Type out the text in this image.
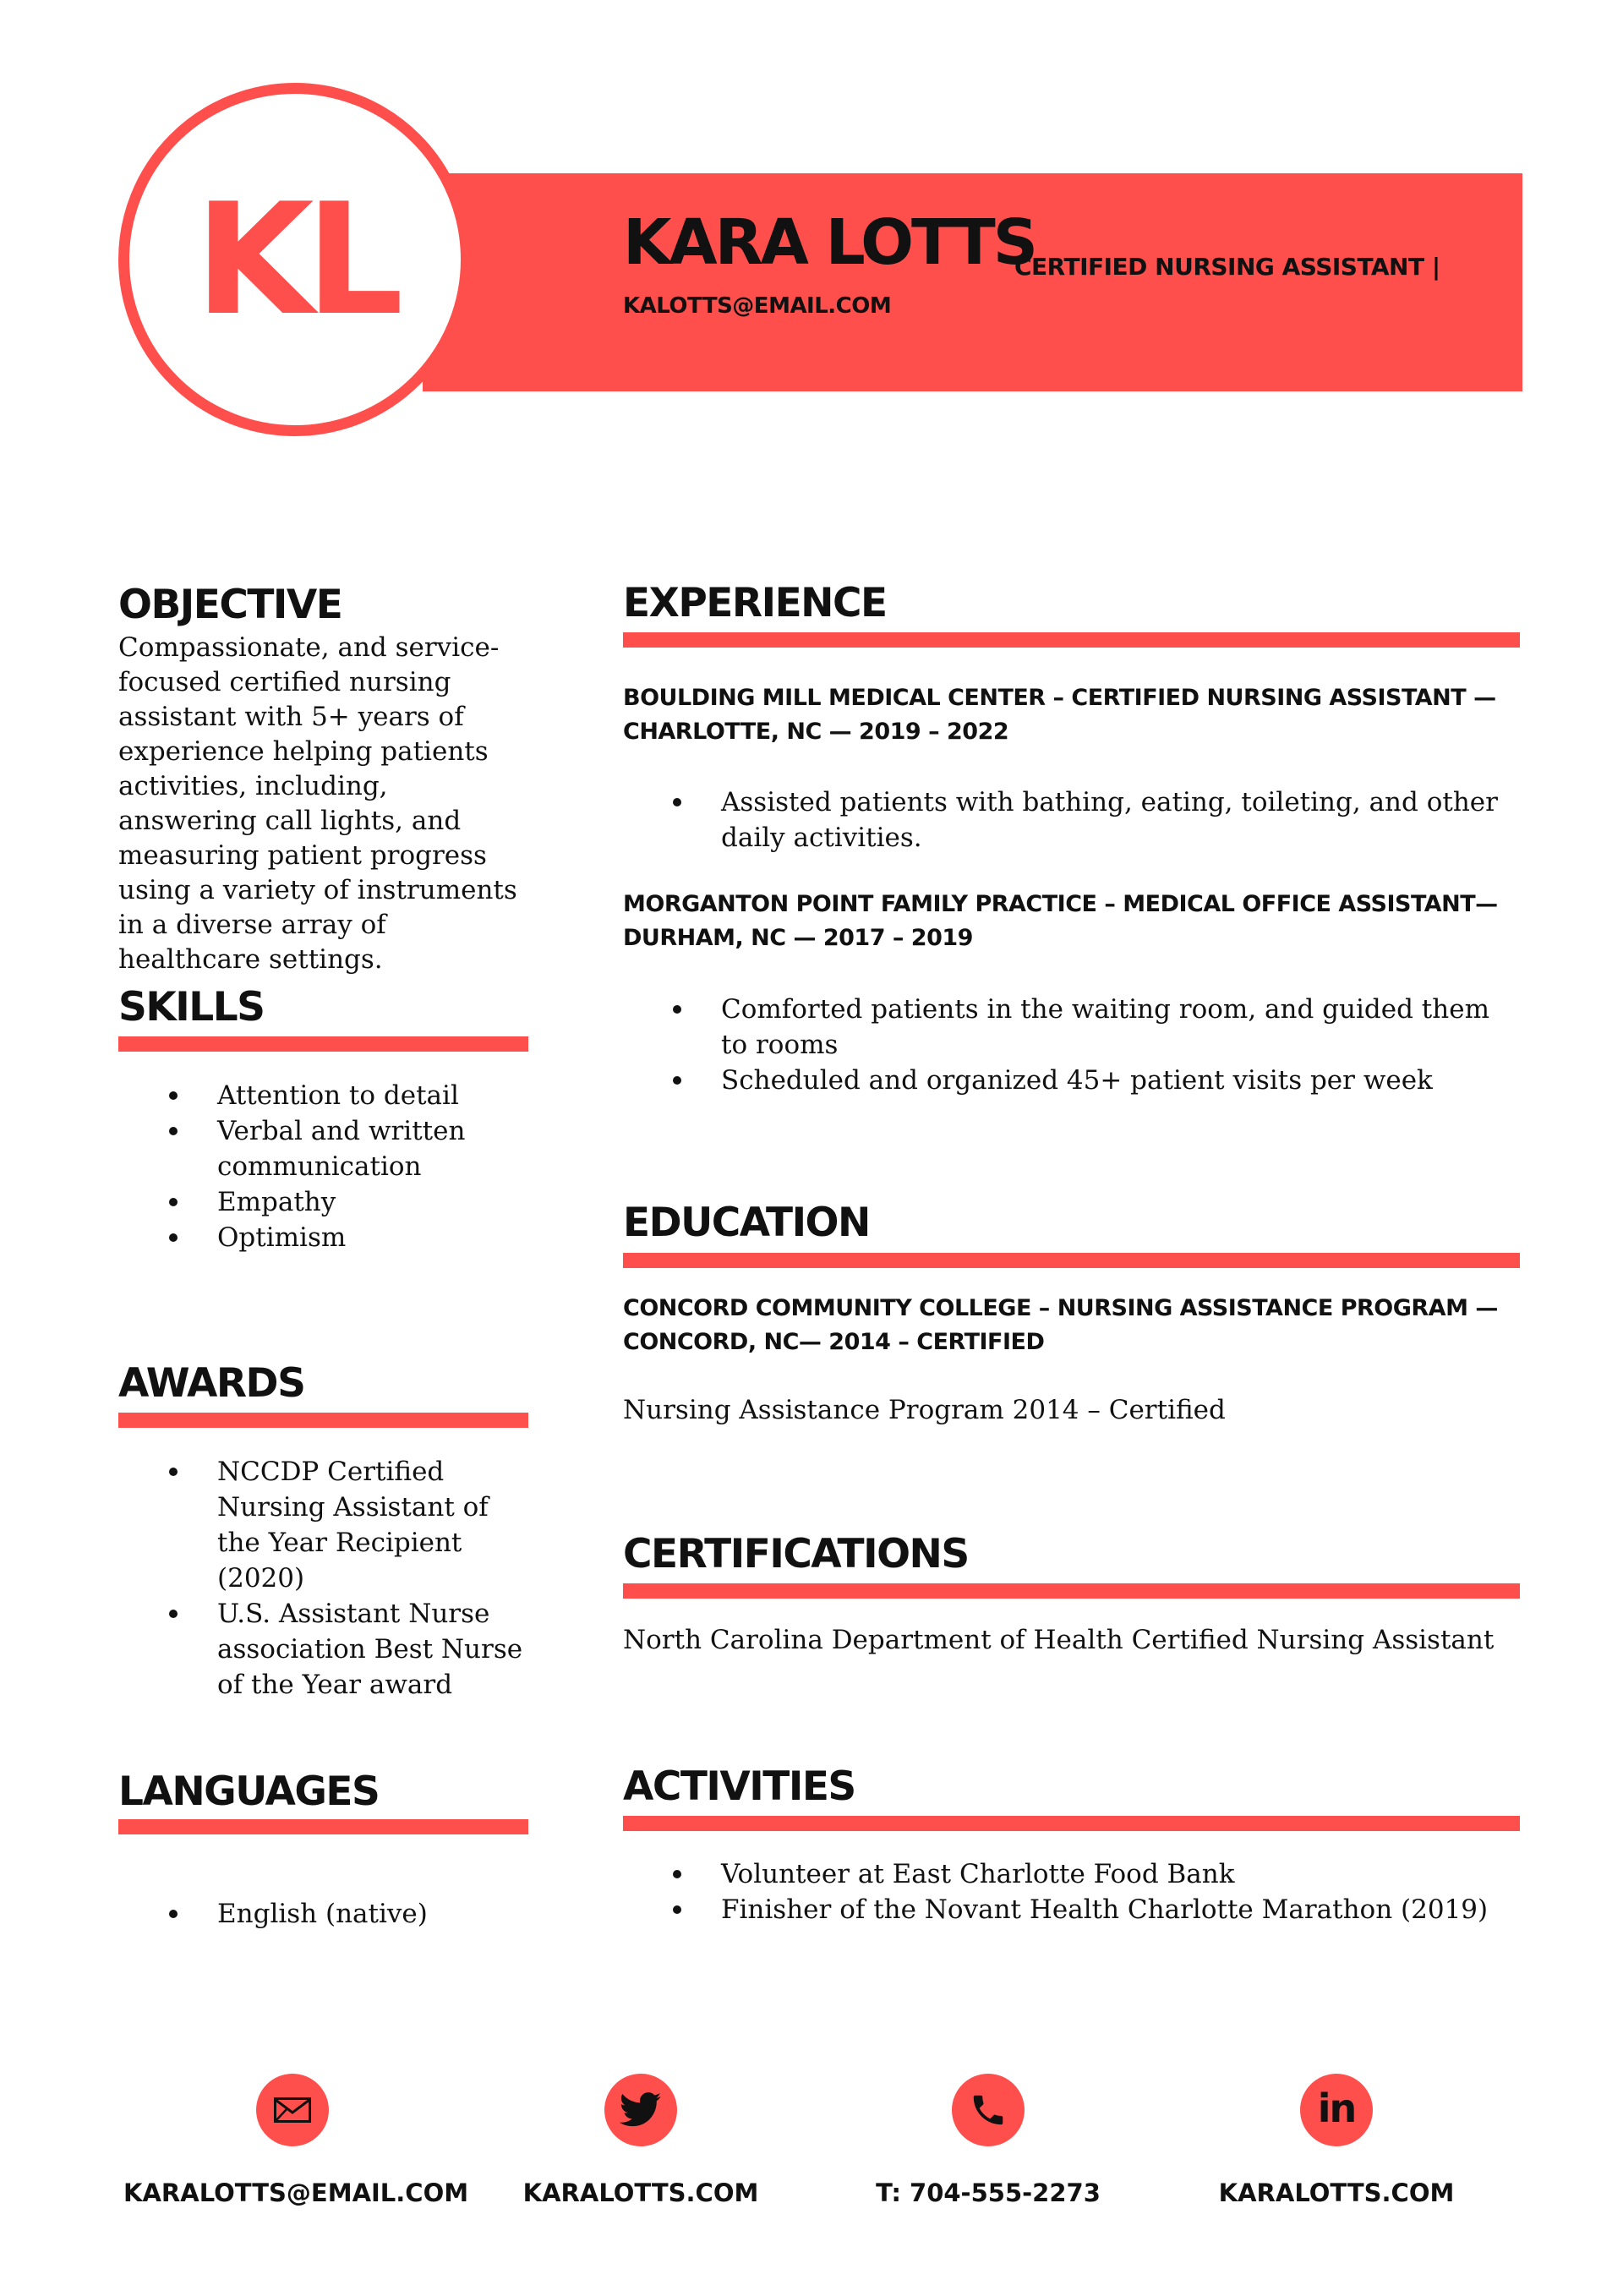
KL	KARA LOTTS
CERTIFIED NURSING ASSISTANT |
KALOTTS@EMAIL.COM
OBJECTIVE
Compassionate, and service-focused certified nursing assistant with 5+ years of experience helping patients activities, including, answering call lights, and measuring patient progress using a variety of instruments in a diverse array of healthcare settings.
SKILLS
Attention to detail
Verbal and written communication
Empathy
Optimism
AWARDS
NCCDP Certified Nursing Assistant of the Year Recipient (2020)
U.S. Assistant Nurse association Best Nurse of the Year award
LANGUAGES
English (native)
EXPERIENCE
BOULDING MILL MEDICAL CENTER – CERTIFIED NURSING ASSISTANT — CHARLOTTE, NC — 2019 – 2022
Assisted patients with bathing, eating, toileting, and other daily activities.
MORGANTON POINT FAMILY PRACTICE – MEDICAL OFFICE ASSISTANT— DURHAM, NC — 2017 – 2019
Comforted patients in the waiting room, and guided them to rooms
Scheduled and organized 45+ patient visits per week
EDUCATION
CONCORD COMMUNITY COLLEGE – NURSING ASSISTANCE PROGRAM — CONCORD, NC— 2014 – CERTIFIED
Nursing Assistance Program 2014 – Certified
CERTIFICATIONS
North Carolina Department of Health Certified Nursing Assistant
ACTIVITIES
Volunteer at East Charlotte Food Bank
Finisher of the Novant Health Charlotte Marathon (2019)
in
KARALOTTS@EMAIL.COM	KARALOTTS.COM	T: 704-555-2273	KARALOTTS.COM
